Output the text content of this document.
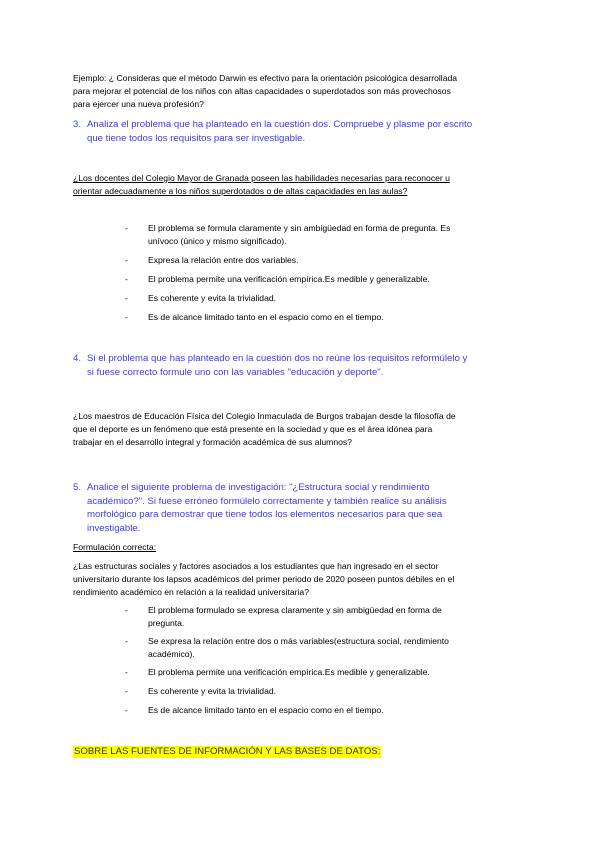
Ejemplo: ¿ Consideras que el método Darwin es efectivo para la orientación psicológica desarrollada
para mejorar el potencial de los niños con altas capacidades o superdotados son más provechosos
para ejercer una nueva profesión?
3. Analiza el problema que ha planteado en la cuestión dos. Compruebe y plasme por escrito
que tiene todos los requisitos para ser investigable.
¿Los docentes del Colegio Mayor de Granada poseen las habilidades necesarias para reconocer u
orientar adecuadamente a los niños superdotados o de altas capacidades en las aulas?
- El problema se formula claramente y sin ambigüedad en forma de pregunta. Es
unívoco (único y mismo significado).
- Expresa la relación entre dos variables.
- El problema permite una verificación empírica.Es medible y generalizable.
- Es coherente y evita la trivialidad.
- Es de alcance limitado tanto en el espacio como en el tiempo.
4. Si el problema que has planteado en la cuestión dos no reúne los requisitos reformúlelo y
si fuese correcto formule uno con las variables "educación y deporte".
¿Los maestros de Educación Física del Colegio Inmaculada de Burgos trabajan desde la filosofía de
que el deporte es un fenómeno que está presente en la sociedad y que es el área idónea para
trabajar en el desarrollo integral y formación académica de sus alumnos?
5. Analice el siguiente problema de investigación: "¿Estructura social y rendimiento
académico?". Si fuese erróneo formúlelo correctamente y también realice su análisis
morfológico para demostrar que tiene todos los elementos necesarios para que sea
investigable.
Formulación correcta:
¿Las estructuras sociales y factores asociados a los estudiantes que han ingresado en el sector
universitario durante los lapsos académicos del primer periodo de 2020 poseen puntos débiles en el
rendimiento académico en relación a la realidad universitaria?
- El problema formulado se expresa claramente y sin ambigüedad en forma de
pregunta.
- Se expresa la relación entre dos o más variables(estructura social, rendimiento
académico).
- El problema permite una verificación empírica.Es medible y generalizable.
- Es coherente y evita la trivialidad.
- Es de alcance limitado tanto en el espacio como en el tiempo.
SOBRE LAS FUENTES DE INFORMACIÓN Y LAS BASES DE DATOS:
